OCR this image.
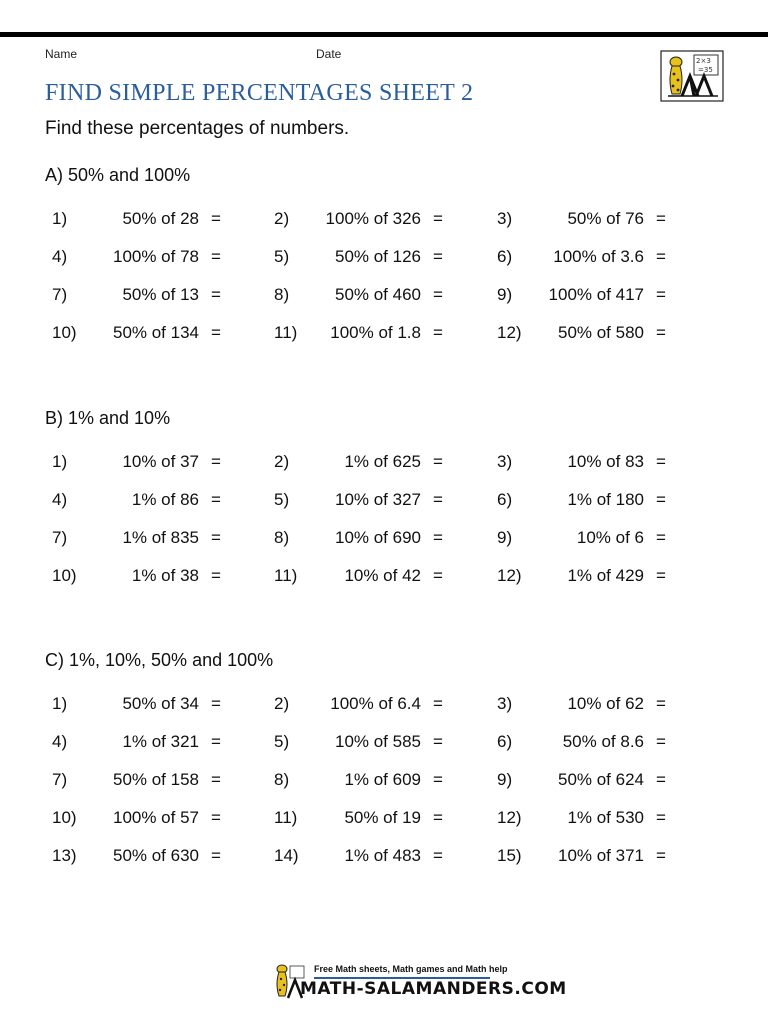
Name	Date
FIND SIMPLE PERCENTAGES SHEET 2
Find these percentages of numbers.
2×3
=35
A) 50% and 100%
1)	50% of 28 =	2)	100% of 326 =	3)	50% of 76 =
4)	100% of 78 =	5)	50% of 126 =	6)	100% of 3.6 =
7)	50% of 13 =	8)	50% of 460 =	9)	100% of 417 =
10)	50% of 134 =	11)	100% of 1.8 =	12)	50% of 580 =
B) 1% and 10%
1)	10% of 37 =	2)	1% of 625 =	3)	10% of 83 =
4)	1% of 86 =	5)	10% of 327 =	6)	1% of 180 =
7)	1% of 835 =	8)	10% of 690 =	9)	10% of 6 =
10)	1% of 38 =	11)	10% of 42 =	12)	1% of 429 =
C) 1%, 10%, 50% and 100%
1)	50% of 34 =	2)	100% of 6.4 =	3)	10% of 62 =
4)	1% of 321 =	5)	10% of 585 =	6)	50% of 8.6 =
7)	50% of 158 =	8)	1% of 609 =	9)	50% of 624 =
10)	100% of 57 =	11)	50% of 19 =	12)	1% of 530 =
13)	50% of 630 =	14)	1% of 483 =	15)	10% of 371 =
Free Math sheets, Math games and Math help
MATH-SALAMANDERS.COM
